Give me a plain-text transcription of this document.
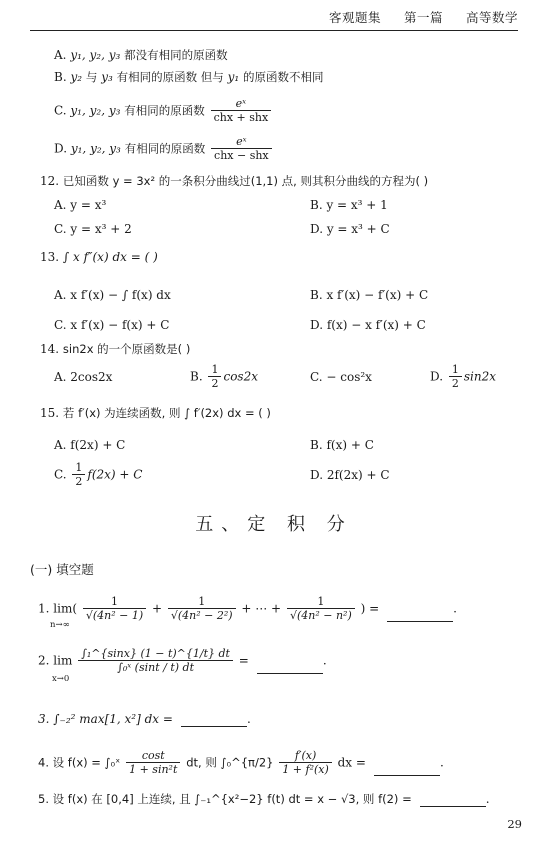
客观题集 第一篇 高等数学
A. y₁, y₂, y₃ 都没有相同的原函数
B. y₂ 与 y₃ 有相同的原函数 但与 y₁ 的原函数不相同
C. y₁, y₂, y₃ 有相同的原函数 $\frac{\text{eˣ}}{\text{chx + shx}}$
D. y₁, y₂, y₃ 有相同的原函数 $\frac{\text{eˣ}}{\text{chx − shx}}$
12. 已知函数 y = 3x² 的一条积分曲线过(1,1) 点, 则其积分曲线的方程为( )
A. y = x³	B. y = x³ + 1
C. y = x³ + 2	D. y = x³ + C
13. ∫ x f″(x) dx = ( )
A. x f′(x) − ∫ f(x) dx	B. x f′(x) − f′(x) + C
C. x f′(x) − f(x) + C	D. f(x) − x f′(x) + C
14. sin2x 的一个原函数是( )
A. 2cos2x	B. $\frac{1}{2} \cos 2x$	C. − cos²x	D. $\frac{1}{2} \sin 2x$
15. 若 f′(x) 为连续函数, 则 ∫ f′(2x) dx = ( )
A. f(2x) + C	B. f(x) + C
C. $\frac{1}{2} f(2x) + C$	D. 2f(2x) + C
五、定 积 分
(一) 填空题
1. $\lim( \frac{1}{\text{√(4n² − 1)}} + \frac{1}{\text{√(4n² − 2²)}}$ + ⋯ + $\frac{1}{\text{√(4n² − n²)}}$ ) =	.
n→∞
2. $\lim \frac{\text{∫₁\textasciicircum{}\{sinx\} (1 − t)\textasciicircum{}\{1/t\} dt}}{\text{∫₀ˣ (sint / t) dt}}$ =	.
x→0
3. ∫₋₂² max[1, x²] dx =	.
4. 设 f(x) = ∫₀ˣ $\frac{\cos t}{\text{1 + sin²t}}$ dt, 则 ∫₀^{π/2} $\frac{f'(x)}{\text{1 + f²(x)}}$ dx =	.
5. 设 f(x) 在 [0,4] 上连续, 且 ∫₋₁^{x²−2} f(t) dt = x − √3, 则 f(2) =	.
29
